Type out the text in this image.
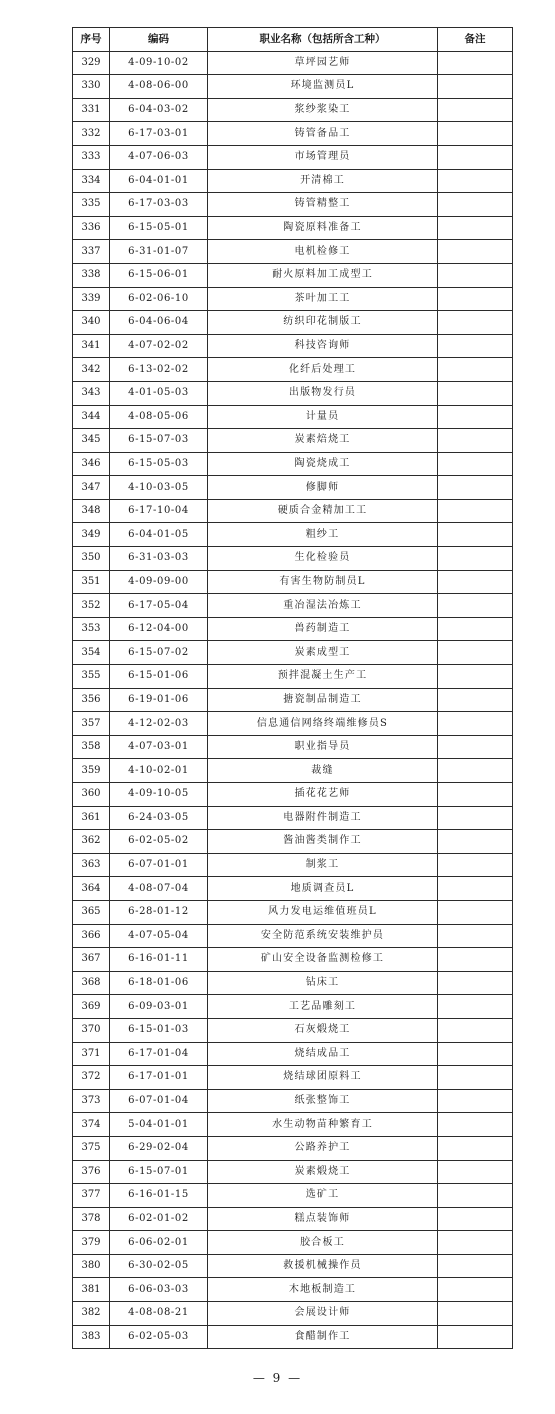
序号	编码	职业名称（包括所含工种）	备注
329	4-09-10-02	草坪园艺师	
330	4-08-06-00	环境监测员L	
331	6-04-03-02	浆纱浆染工	
332	6-17-03-01	铸管备品工	
333	4-07-06-03	市场管理员	
334	6-04-01-01	开清棉工	
335	6-17-03-03	铸管精整工	
336	6-15-05-01	陶瓷原料准备工	
337	6-31-01-07	电机检修工	
338	6-15-06-01	耐火原料加工成型工	
339	6-02-06-10	茶叶加工工	
340	6-04-06-04	纺织印花制版工	
341	4-07-02-02	科技咨询师	
342	6-13-02-02	化纤后处理工	
343	4-01-05-03	出版物发行员	
344	4-08-05-06	计量员	
345	6-15-07-03	炭素焙烧工	
346	6-15-05-03	陶瓷烧成工	
347	4-10-03-05	修脚师	
348	6-17-10-04	硬质合金精加工工	
349	6-04-01-05	粗纱工	
350	6-31-03-03	生化检验员	
351	4-09-09-00	有害生物防制员L	
352	6-17-05-04	重冶湿法冶炼工	
353	6-12-04-00	兽药制造工	
354	6-15-07-02	炭素成型工	
355	6-15-01-06	预拌混凝土生产工	
356	6-19-01-06	搪瓷制品制造工	
357	4-12-02-03	信息通信网络终端维修员S	
358	4-07-03-01	职业指导员	
359	4-10-02-01	裁缝	
360	4-09-10-05	插花花艺师	
361	6-24-03-05	电器附件制造工	
362	6-02-05-02	酱油酱类制作工	
363	6-07-01-01	制浆工	
364	4-08-07-04	地质调查员L	
365	6-28-01-12	风力发电运维值班员L	
366	4-07-05-04	安全防范系统安装维护员	
367	6-16-01-11	矿山安全设备监测检修工	
368	6-18-01-06	钻床工	
369	6-09-03-01	工艺品雕刻工	
370	6-15-01-03	石灰煅烧工	
371	6-17-01-04	烧结成品工	
372	6-17-01-01	烧结球团原料工	
373	6-07-01-04	纸张整饰工	
374	5-04-01-01	水生动物苗种繁育工	
375	6-29-02-04	公路养护工	
376	6-15-07-01	炭素煅烧工	
377	6-16-01-15	选矿工	
378	6-02-01-02	糕点装饰师	
379	6-06-02-01	胶合板工	
380	6-30-02-05	救援机械操作员	
381	6-06-03-03	木地板制造工	
382	4-08-08-21	会展设计师	
383	6-02-05-03	食醋制作工	
— 9 —
